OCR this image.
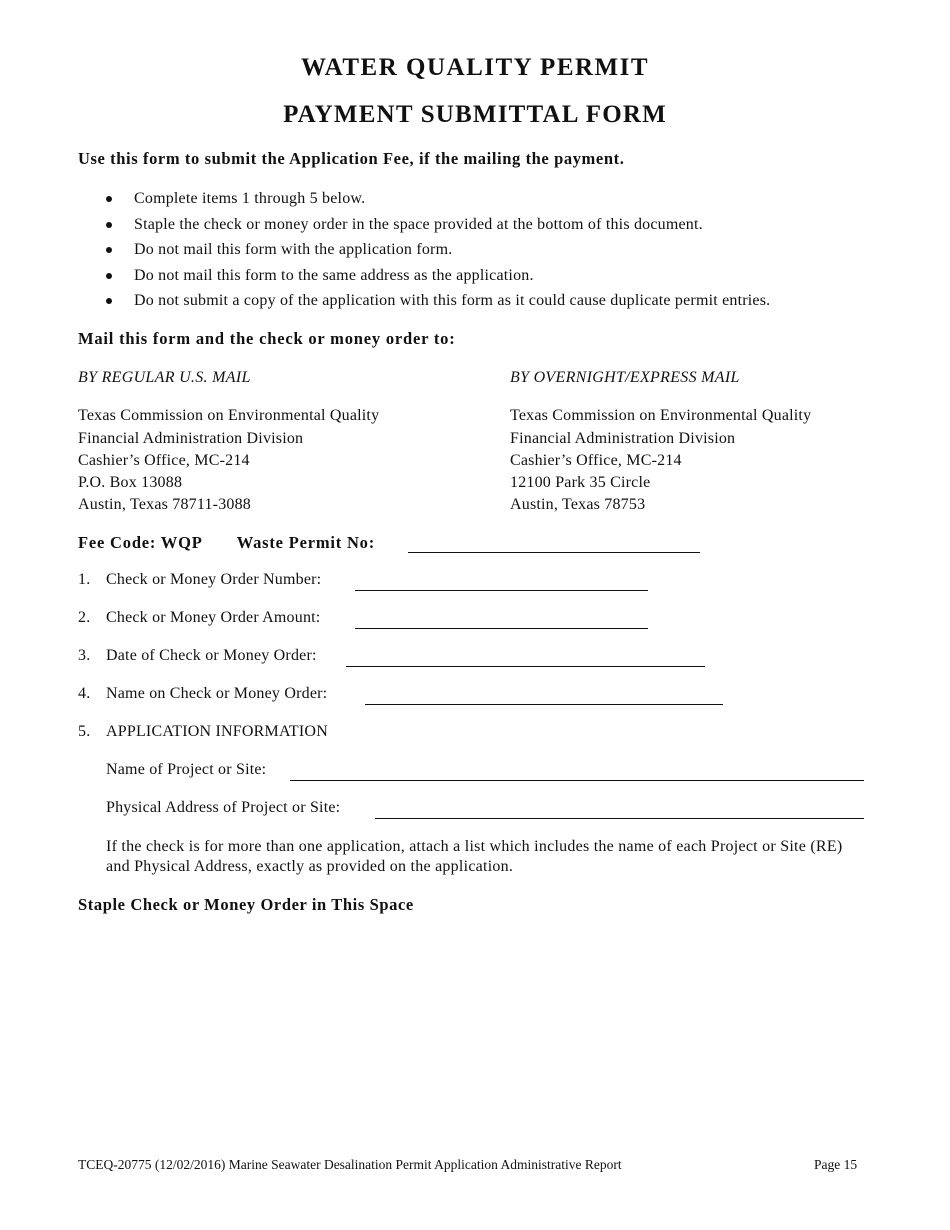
WATER QUALITY PERMIT
PAYMENT SUBMITTAL FORM
Use this form to submit the Application Fee, if the mailing the payment.
Complete items 1 through 5 below.
Staple the check or money order in the space provided at the bottom of this document.
Do not mail this form with the application form.
Do not mail this form to the same address as the application.
Do not submit a copy of the application with this form as it could cause duplicate permit entries.
Mail this form and the check or money order to:
BY REGULAR U.S. MAIL
Texas Commission on Environmental Quality
Financial Administration Division
Cashier’s Office, MC-214
P.O. Box 13088
Austin, Texas 78711-3088
BY OVERNIGHT/EXPRESS MAIL
Texas Commission on Environmental Quality
Financial Administration Division
Cashier’s Office, MC-214
12100 Park 35 Circle
Austin, Texas 78753
Fee Code: WQP Waste Permit No:
1. Check or Money Order Number:
2. Check or Money Order Amount:
3. Date of Check or Money Order:
4. Name on Check or Money Order:
5. APPLICATION INFORMATION
Name of Project or Site:
Physical Address of Project or Site:
If the check is for more than one application, attach a list which includes the name of each Project or Site (RE) and Physical Address, exactly as provided on the application.
Staple Check or Money Order in This Space
TCEQ-20775 (12/02/2016) Marine Seawater Desalination Permit Application Administrative Report	Page 15
